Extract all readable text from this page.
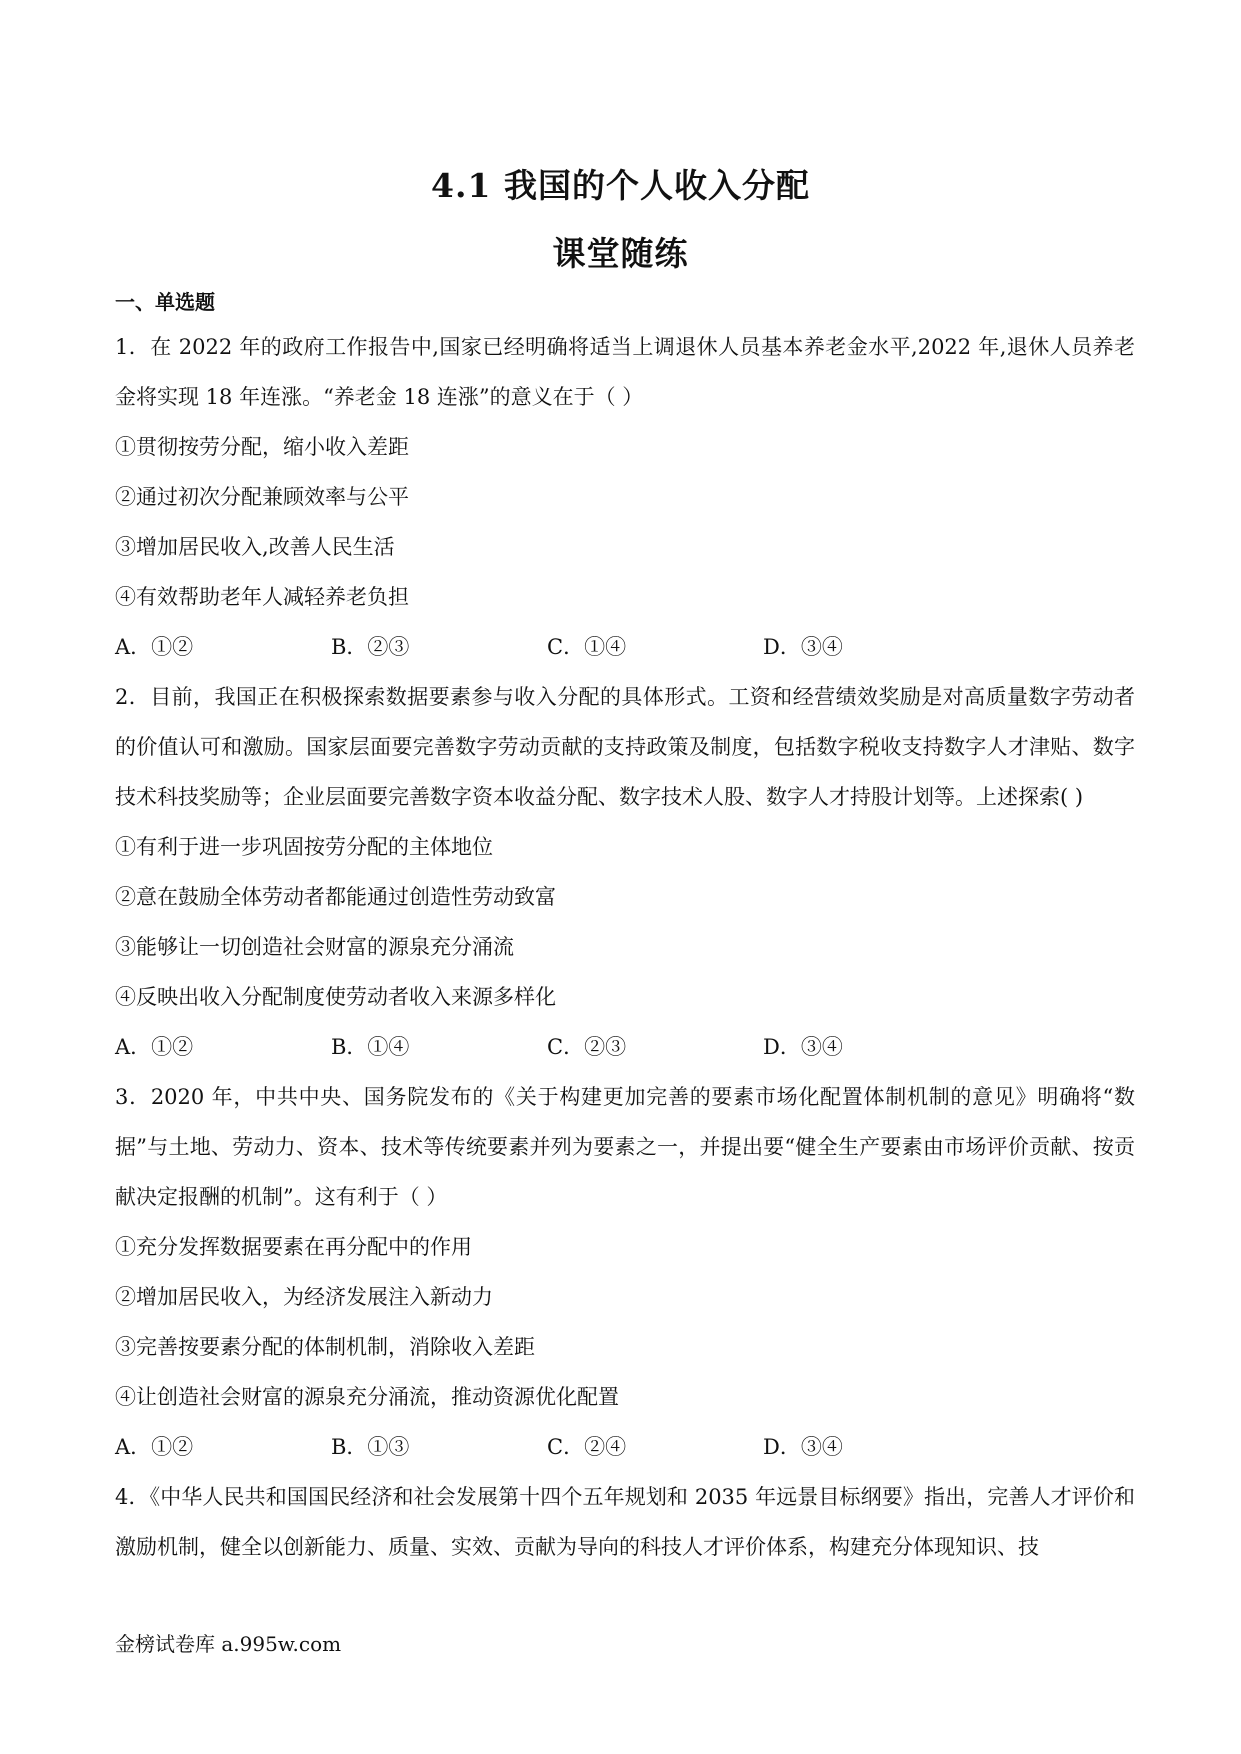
4.1 我国的个人收入分配
课堂随练
一、单选题

1．在 2022 年的政府工作报告中,国家已经明确将适当上调退休人员基本养老金水平,2022 年,退休人员养老金将实现 18 年连涨。“养老金 18 连涨”的意义在于（ ）

①贯彻按劳分配，缩小收入差距
②通过初次分配兼顾效率与公平
③增加居民收入,改善人民生活
④有效帮助老年人减轻养老负担
A．①②	B．②③	C．①④	D．③④

2．目前，我国正在积极探索数据要素参与收入分配的具体形式。工资和经营绩效奖励是对高质量数字劳动者的价值认可和激励。国家层面要完善数字劳动贡献的支持政策及制度，包括数字税收支持数字人才津贴、数字技术科技奖励等；企业层面要完善数字资本收益分配、数字技术人股、数字人才持股计划等。上述探索( )

①有利于进一步巩固按劳分配的主体地位
②意在鼓励全体劳动者都能通过创造性劳动致富
③能够让一切创造社会财富的源泉充分涌流
④反映出收入分配制度使劳动者收入来源多样化
A．①②	B．①④	C．②③	D．③④

3．2020 年，中共中央、国务院发布的《关于构建更加完善的要素市场化配置体制机制的意见》明确将“数据”与土地、劳动力、资本、技术等传统要素并列为要素之一，并提出要“健全生产要素由市场评价贡献、按贡献决定报酬的机制”。这有利于（ ）

①充分发挥数据要素在再分配中的作用
②增加居民收入，为经济发展注入新动力
③完善按要素分配的体制机制，消除收入差距
④让创造社会财富的源泉充分涌流，推动资源优化配置
A．①②	B．①③	C．②④	D．③④

4．《中华人民共和国国民经济和社会发展第十四个五年规划和 2035 年远景目标纲要》指出，完善人才评价和激励机制，健全以创新能力、质量、实效、贡献为导向的科技人才评价体系，构建充分体现知识、技

金榜试卷库 a.995w.com
